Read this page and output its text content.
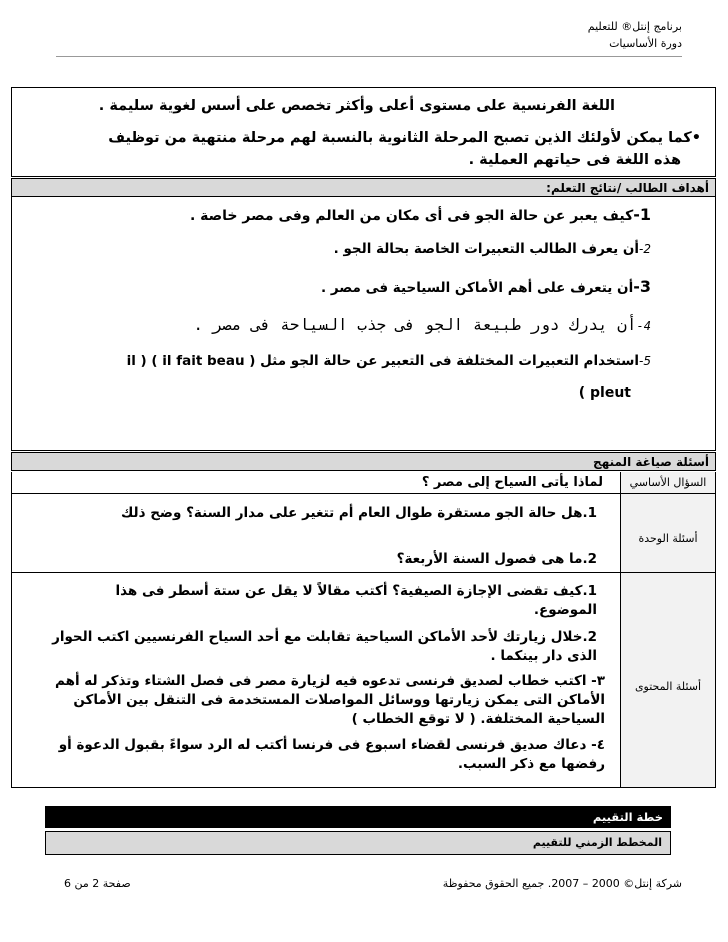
برنامج إنتل® للتعليم
دورة الأساسيات

اللغة الفرنسية على مستوى أعلى وأكثر تخصص على أسس لغوية سليمة .

•كما يمكن لأولئك الذين تصبح المرحلة الثانوية بالنسبة لهم مرحلة منتهية من توظيف

هذه اللغة فى حياتهم العملية .

أهداف الطالب /نتائج التعلم:
1-كيف يعبر عن حالة الجو فى أى مكان من العالم وفى مصر خاصة .
2-أن يعرف الطالب التعبيرات الخاصة بحالة الجو .
3-أن يتعرف على أهم الأماكن السياحية فى مصر .
4-أن يدرك دور طبيعة الجو فى جذب السياحة فى مصر .
5-استخدام التعبيرات المختلفة فى التعبير عن حالة الجو مثل ( il fait beau ) ( il
pleut )
أسئلة صياغة المنهج
السؤال الأساسي
لماذا يأتى السياح إلى مصر ؟
أسئلة الوحدة
1.هل حالة الجو مستقرة طوال العام أم تتغير على مدار السنة؟ وضح ذلك
2.ما هى فصول السنة الأربعة؟
أسئلة المحتوى
1.كيف تقضى الإجازة الصيفية؟ أكتب مقالاً لا يقل عن ستة أسطر فى هذا الموضوع.
2.خلال زيارتك لأحد الأماكن السياحية تقابلت مع أحد السياح الفرنسيين اكتب الحوار الذى دار بينكما .
٣- اكتب خطاب لصديق فرنسى تدعوه فيه لزيارة مصر فى فصل الشتاء وتذكر له أهم الأماكن التى يمكن زيارتها ووسائل المواصلات المستخدمة فى التنقل بين الأماكن السياحية المختلفة. ( لا توقع الخطاب )
٤- دعاك صديق فرنسى لقضاء اسبوع فى فرنسا أكتب له الرد سواءً بقبول الدعوة أو رفضها مع ذكر السبب.
خطة التقييم
المخطط الزمني للتقييم
شركة إنتل© 2000 – 2007. جميع الحقوق محفوظة
صفحة 2 من 6
